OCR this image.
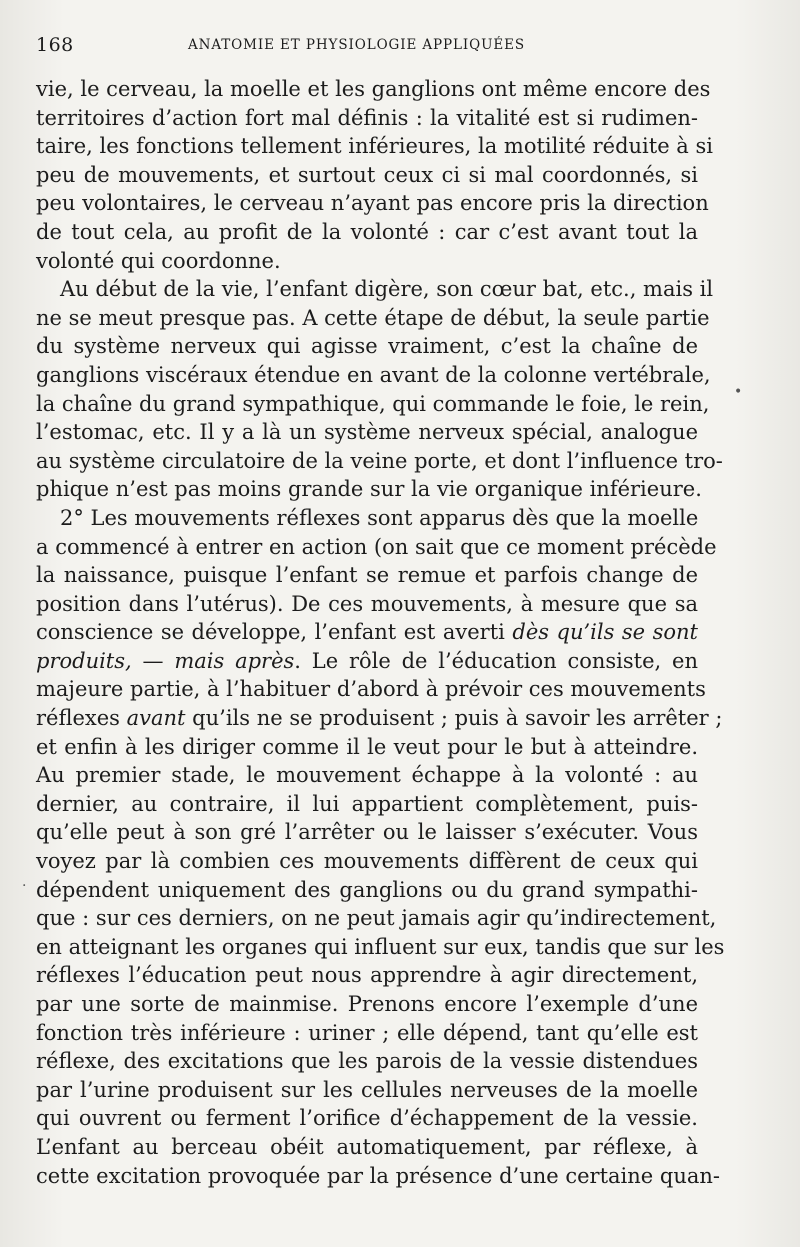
168	ANATOMIE ET PHYSIOLOGIE APPLIQUÉES
vie, le cerveau, la moelle et les ganglions ont même encore des
territoires d’action fort mal définis : la vitalité est si rudimen-
taire, les fonctions tellement inférieures, la motilité réduite à si
peu de mouvements, et surtout ceux ci si mal coordonnés, si
peu volontaires, le cerveau n’ayant pas encore pris la direction
de tout cela, au profit de la volonté : car c’est avant tout la
volonté qui coordonne.
Au début de la vie, l’enfant digère, son cœur bat, etc., mais il
ne se meut presque pas. A cette étape de début, la seule partie
du système nerveux qui agisse vraiment, c’est la chaîne de
ganglions viscéraux étendue en avant de la colonne vertébrale,
la chaîne du grand sympathique, qui commande le foie, le rein,
l’estomac, etc. Il y a là un système nerveux spécial, analogue
au système circulatoire de la veine porte, et dont l’influence tro-
phique n’est pas moins grande sur la vie organique inférieure.
2° Les mouvements réflexes sont apparus dès que la moelle
a commencé à entrer en action (on sait que ce moment précède
la naissance, puisque l’enfant se remue et parfois change de
position dans l’utérus). De ces mouvements, à mesure que sa
conscience se développe, l’enfant est averti dès qu’ils se sont
produits, — mais après. Le rôle de l’éducation consiste, en
majeure partie, à l’habituer d’abord à prévoir ces mouvements
réflexes avant qu’ils ne se produisent ; puis à savoir les arrêter ;
et enfin à les diriger comme il le veut pour le but à atteindre.
Au premier stade, le mouvement échappe à la volonté : au
dernier, au contraire, il lui appartient complètement, puis-
qu’elle peut à son gré l’arrêter ou le laisser s’exécuter. Vous
voyez par là combien ces mouvements diffèrent de ceux qui
dépendent uniquement des ganglions ou du grand sympathi-
que : sur ces derniers, on ne peut jamais agir qu’indirectement,
en atteignant les organes qui influent sur eux, tandis que sur les
réflexes l’éducation peut nous apprendre à agir directement,
par une sorte de mainmise. Prenons encore l’exemple d’une
fonction très inférieure : uriner ; elle dépend, tant qu’elle est
réflexe, des excitations que les parois de la vessie distendues
par l’urine produisent sur les cellules nerveuses de la moelle
qui ouvrent ou ferment l’orifice d’échappement de la vessie.
L’enfant au berceau obéit automatiquement, par réflexe, à
cette excitation provoquée par la présence d’une certaine quan-
•
·
